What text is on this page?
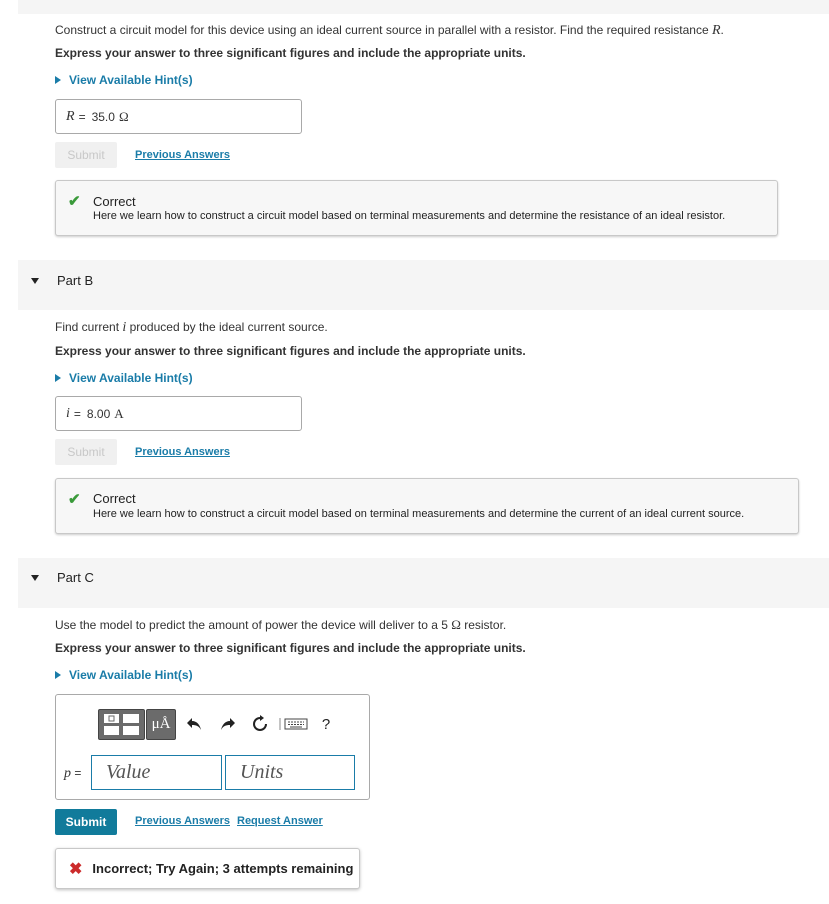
Construct a circuit model for this device using an ideal current source in parallel with a resistor. Find the required resistance R.
Express your answer to three significant figures and include the appropriate units.
View Available Hint(s)
R = 35.0 Ω
Submit	Previous Answers
✔ Correct
Here we learn how to construct a circuit model based on terminal measurements and determine the resistance of an ideal resistor.
Part B
Find current i produced by the ideal current source.
Express your answer to three significant figures and include the appropriate units.
View Available Hint(s)
i = 8.00 A
Submit	Previous Answers
✔ Correct
Here we learn how to construct a circuit model based on terminal measurements and determine the current of an ideal current source.
Part C
Use the model to predict the amount of power the device will deliver to a 5 Ω resistor.
Express your answer to three significant figures and include the appropriate units.
View Available Hint(s)
μÅ	?
p = Value	Units
Submit	Previous Answers Request Answer
✖ Incorrect; Try Again; 3 attempts remaining
